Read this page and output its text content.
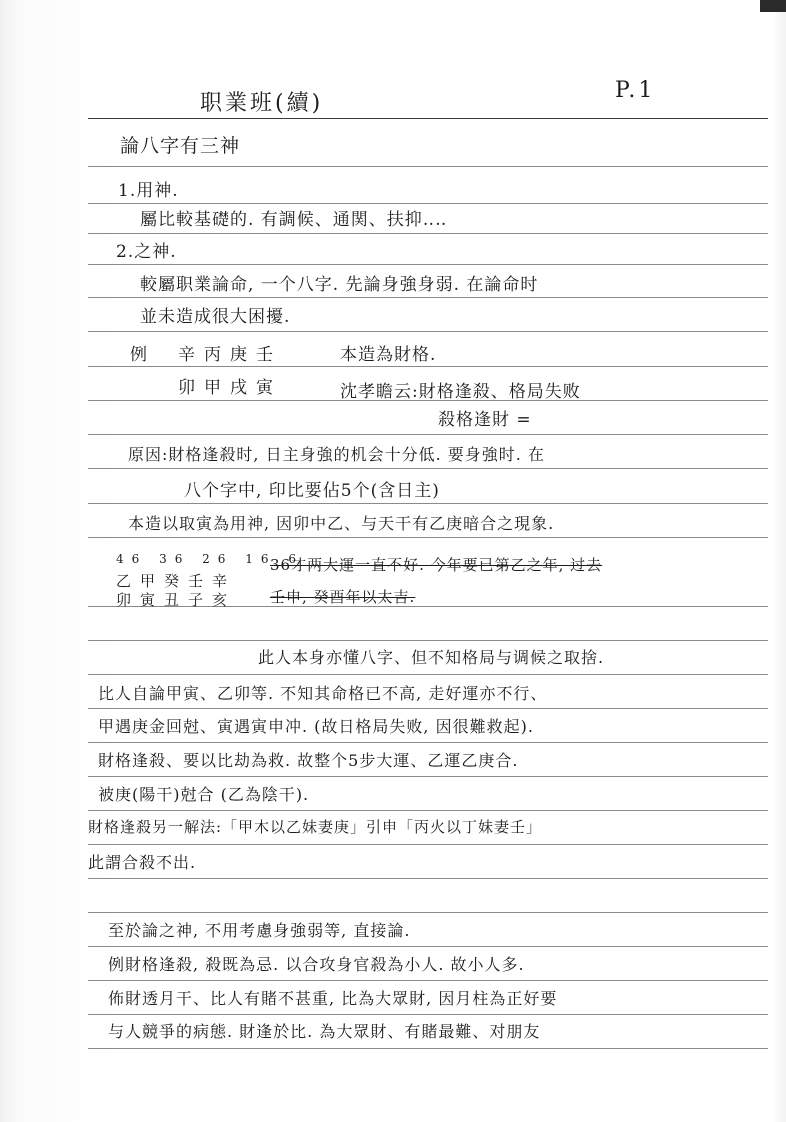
职業班(續)
P.1
論八字有三神
1.用神.
屬比較基礎的. 有調候、通関、扶抑‥‥
2.之神.
較屬职業論命, 一个八字. 先論身強身弱. 在論命时
並未造成很大困擾.
例 辛丙庚壬	本造為財格.
卯甲戌寅	沈孝瞻云:財格逢殺、格局失败
殺格逢財 =
原因:財格逢殺时, 日主身強的机会十分低. 要身強时. 在
八个字中, 印比要佔5个(含日主)
本造以取寅為用神, 因卯中乙、与天干有乙庚暗合之現象.
46 36 26 16 6
36才两大運一直不好. 今年要已第乙之年, 过去
乙甲癸壬辛
卯寅丑子亥 壬申, 癸酉年以太吉.
此人本身亦懂八字、但不知格局与调候之取捨.
比人自論甲寅、乙卯等. 不知其命格已不高, 走好運亦不行、
甲遇庚金回尅、寅遇寅申冲. (故日格局失败, 因很難救起).
財格逢殺、要以比劫為救. 故整个5步大運、乙運乙庚合.
被庚(陽干)尅合 (乙為陰干).
財格逢殺另一解法:「甲木以乙妹妻庚」引申「丙火以丁妹妻壬」
此謂合殺不出.
至於論之神, 不用考慮身強弱等, 直接論.
例財格逢殺, 殺既為忌. 以合攻身官殺為小人. 故小人多.
佈財透月干、比人有賭不甚重, 比為大眾財, 因月柱為正好要
与人競爭的病態. 財逢於比. 為大眾財、有賭最難、对朋友
